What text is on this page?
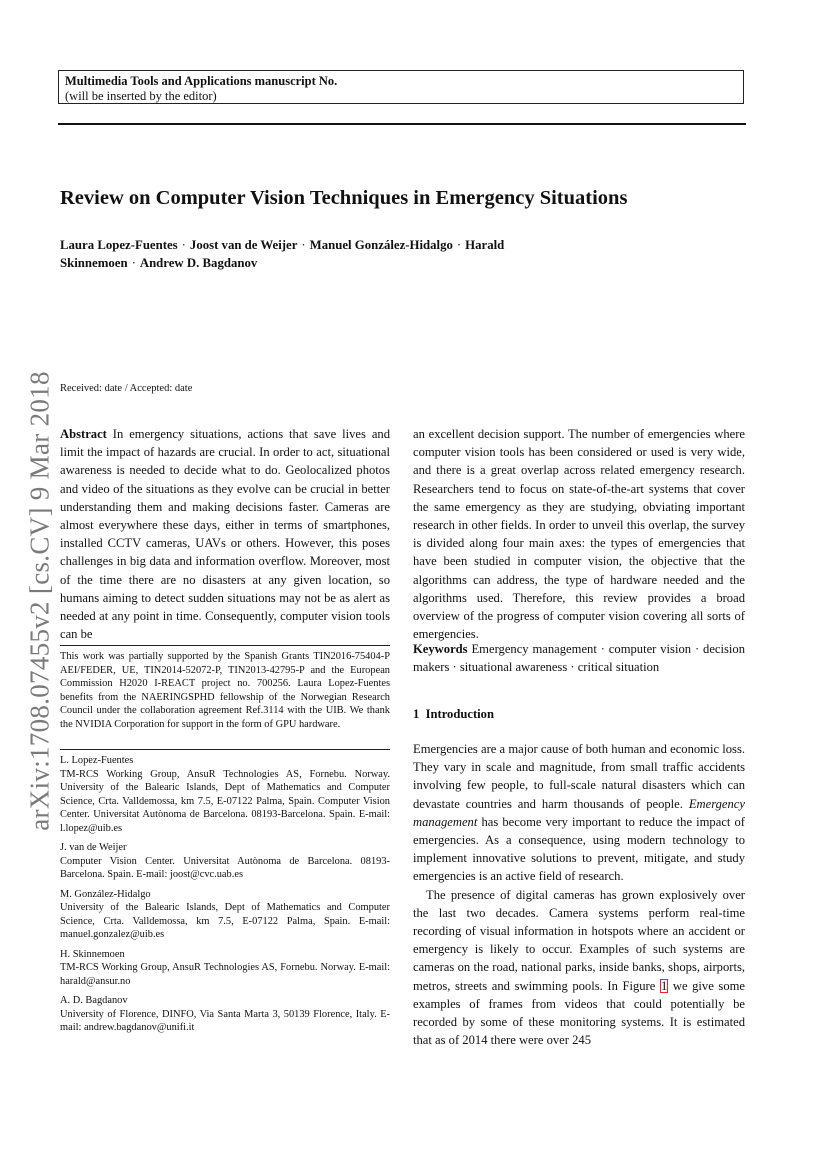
Multimedia Tools and Applications manuscript No.
(will be inserted by the editor)
Review on Computer Vision Techniques in Emergency Situations
Laura Lopez-Fuentes · Joost van de Weijer · Manuel González-Hidalgo · Harald Skinnemoen · Andrew D. Bagdanov
arXiv:1708.07455v2 [cs.CV] 9 Mar 2018 Received: date / Accepted: date
Abstract In emergency situations, actions that save lives and limit the impact of hazards are crucial. In order to act, situational awareness is needed to decide what to do. Geolocalized photos and video of the situations as they evolve can be crucial in better understanding them and making decisions faster. Cameras are almost everywhere these days, either in terms of smartphones, installed CCTV cameras, UAVs or others. However, this poses challenges in big data and information overflow. Moreover, most of the time there are no disasters at any given location, so humans aiming to detect sudden situations may not be as alert as needed at any point in time. Consequently, computer vision tools can be
an excellent decision support. The number of emergencies where computer vision tools has been considered or used is very wide, and there is a great overlap across related emergency research. Researchers tend to focus on state-of-the-art systems that cover the same emergency as they are studying, obviating important research in other fields. In order to unveil this overlap, the survey is divided along four main axes: the types of emergencies that have been studied in computer vision, the objective that the algorithms can address, the type of hardware needed and the algorithms used. Therefore, this review provides a broad overview of the progress of computer vision covering all sorts of emergencies.
Keywords Emergency management · computer vision · decision makers · situational awareness · critical situation
1 Introduction

Emergencies are a major cause of both human and economic loss. They vary in scale and magnitude, from small traffic accidents involving few people, to full-scale natural disasters which can devastate countries and harm thousands of people. Emergency management has become very important to reduce the impact of emergencies. As a consequence, using modern technology to implement innovative solutions to prevent, mitigate, and study emergencies is an active field of research.

The presence of digital cameras has grown explosively over the last two decades. Camera systems perform real-time recording of visual information in hotspots where an accident or emergency is likely to occur. Examples of such systems are cameras on the road, national parks, inside banks, shops, airports, metros, streets and swimming pools. In Figure 1 we give some examples of frames from videos that could potentially be recorded by some of these monitoring systems. It is estimated that as of 2014 there were over 245

This work was partially supported by the Spanish Grants TIN2016-75404-P AEI/FEDER, UE, TIN2014-52072-P, TIN2013-42795-P and the European Commission H2020 I-REACT project no. 700256. Laura Lopez-Fuentes benefits from the NAERINGSPHD fellowship of the Norwegian Research Council under the collaboration agreement Ref.3114 with the UIB. We thank the NVIDIA Corporation for support in the form of GPU hardware.
L. Lopez-Fuentes
TM-RCS Working Group, AnsuR Technologies AS, Fornebu. Norway. University of the Balearic Islands, Dept of Mathematics and Computer Science, Crta. Valldemossa, km 7.5, E-07122 Palma, Spain. Computer Vision Center. Universitat Autònoma de Barcelona. 08193-Barcelona. Spain. E-mail: l.lopez@uib.es
J. van de Weijer
Computer Vision Center. Universitat Autònoma de Barcelona. 08193-Barcelona. Spain. E-mail: joost@cvc.uab.es
M. González-Hidalgo
University of the Balearic Islands, Dept of Mathematics and Computer Science, Crta. Valldemossa, km 7.5, E-07122 Palma, Spain. E-mail: manuel.gonzalez@uib.es
H. Skinnemoen
TM-RCS Working Group, AnsuR Technologies AS, Fornebu. Norway. E-mail: harald@ansur.no
A. D. Bagdanov
University of Florence, DINFO, Via Santa Marta 3, 50139 Florence, Italy. E-mail: andrew.bagdanov@unifi.it
